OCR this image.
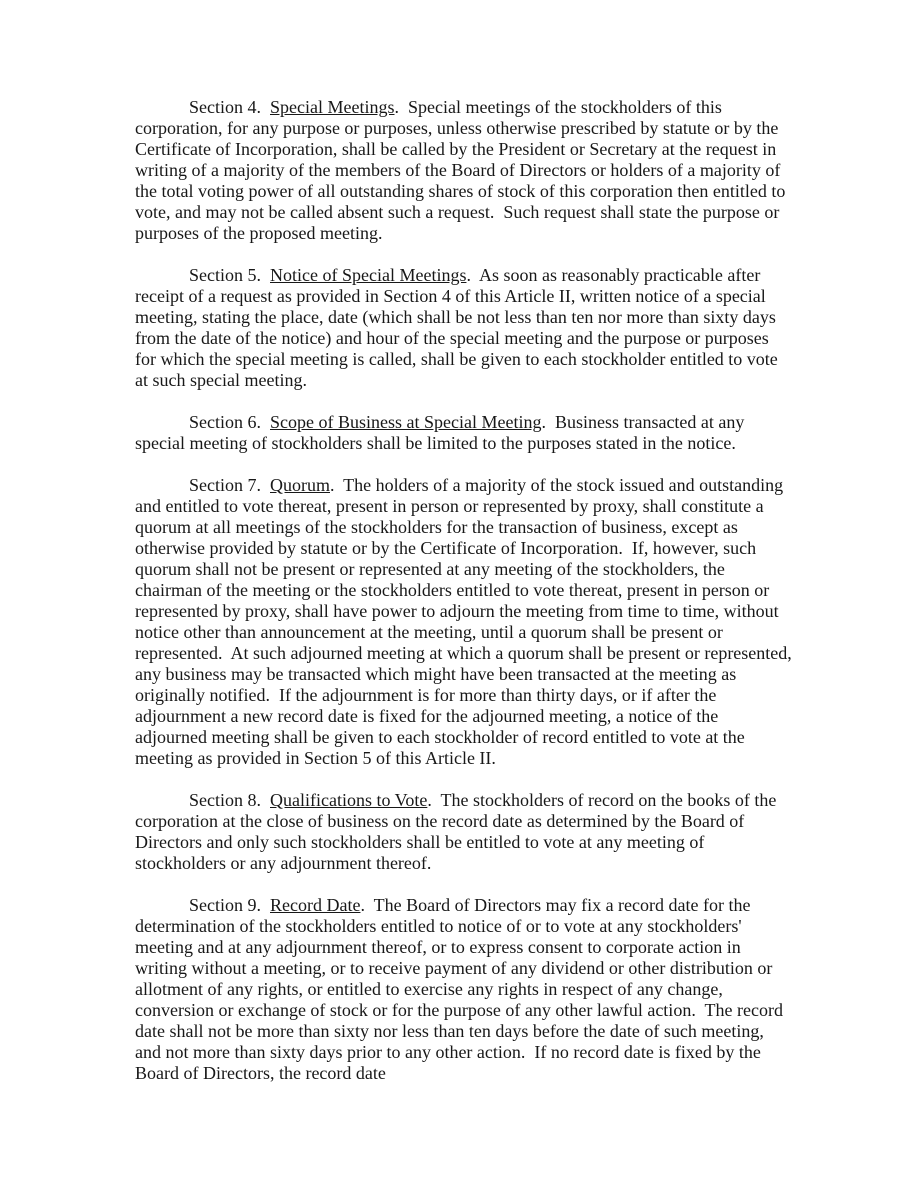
Section 4.  Special Meetings.  Special meetings of the stockholders of this corporation, for any purpose or purposes, unless otherwise prescribed by statute or by the Certificate of Incorporation, shall be called by the President or Secretary at the request in writing of a majority of the members of the Board of Directors or holders of a majority of the total voting power of all outstanding shares of stock of this corporation then entitled to vote, and may not be called absent such a request.  Such request shall state the purpose or purposes of the proposed meeting.

Section 5.  Notice of Special Meetings.  As soon as reasonably practicable after receipt of a request as provided in Section 4 of this Article II, written notice of a special meeting, stating the place, date (which shall be not less than ten nor more than sixty days from the date of the notice) and hour of the special meeting and the purpose or purposes for which the special meeting is called, shall be given to each stockholder entitled to vote at such special meeting.

Section 6.  Scope of Business at Special Meeting.  Business transacted at any special meeting of stockholders shall be limited to the purposes stated in the notice.

Section 7.  Quorum.  The holders of a majority of the stock issued and outstanding and entitled to vote thereat, present in person or represented by proxy, shall constitute a quorum at all meetings of the stockholders for the transaction of business, except as otherwise provided by statute or by the Certificate of Incorporation.  If, however, such quorum shall not be present or represented at any meeting of the stockholders, the chairman of the meeting or the stockholders entitled to vote thereat, present in person or represented by proxy, shall have power to adjourn the meeting from time to time, without notice other than announcement at the meeting, until a quorum shall be present or represented.  At such adjourned meeting at which a quorum shall be present or represented, any business may be transacted which might have been transacted at the meeting as originally notified.  If the adjournment is for more than thirty days, or if after the adjournment a new record date is fixed for the adjourned meeting, a notice of the adjourned meeting shall be given to each stockholder of record entitled to vote at the meeting as provided in Section 5 of this Article II.

Section 8.  Qualifications to Vote.  The stockholders of record on the books of the corporation at the close of business on the record date as determined by the Board of Directors and only such stockholders shall be entitled to vote at any meeting of stockholders or any adjournment thereof.

Section 9.  Record Date.  The Board of Directors may fix a record date for the determination of the stockholders entitled to notice of or to vote at any stockholders' meeting and at any adjournment thereof, or to express consent to corporate action in writing without a meeting, or to receive payment of any dividend or other distribution or allotment of any rights, or entitled to exercise any rights in respect of any change, conversion or exchange of stock or for the purpose of any other lawful action.  The record date shall not be more than sixty nor less than ten days before the date of such meeting, and not more than sixty days prior to any other action.  If no record date is fixed by the Board of Directors, the record date
